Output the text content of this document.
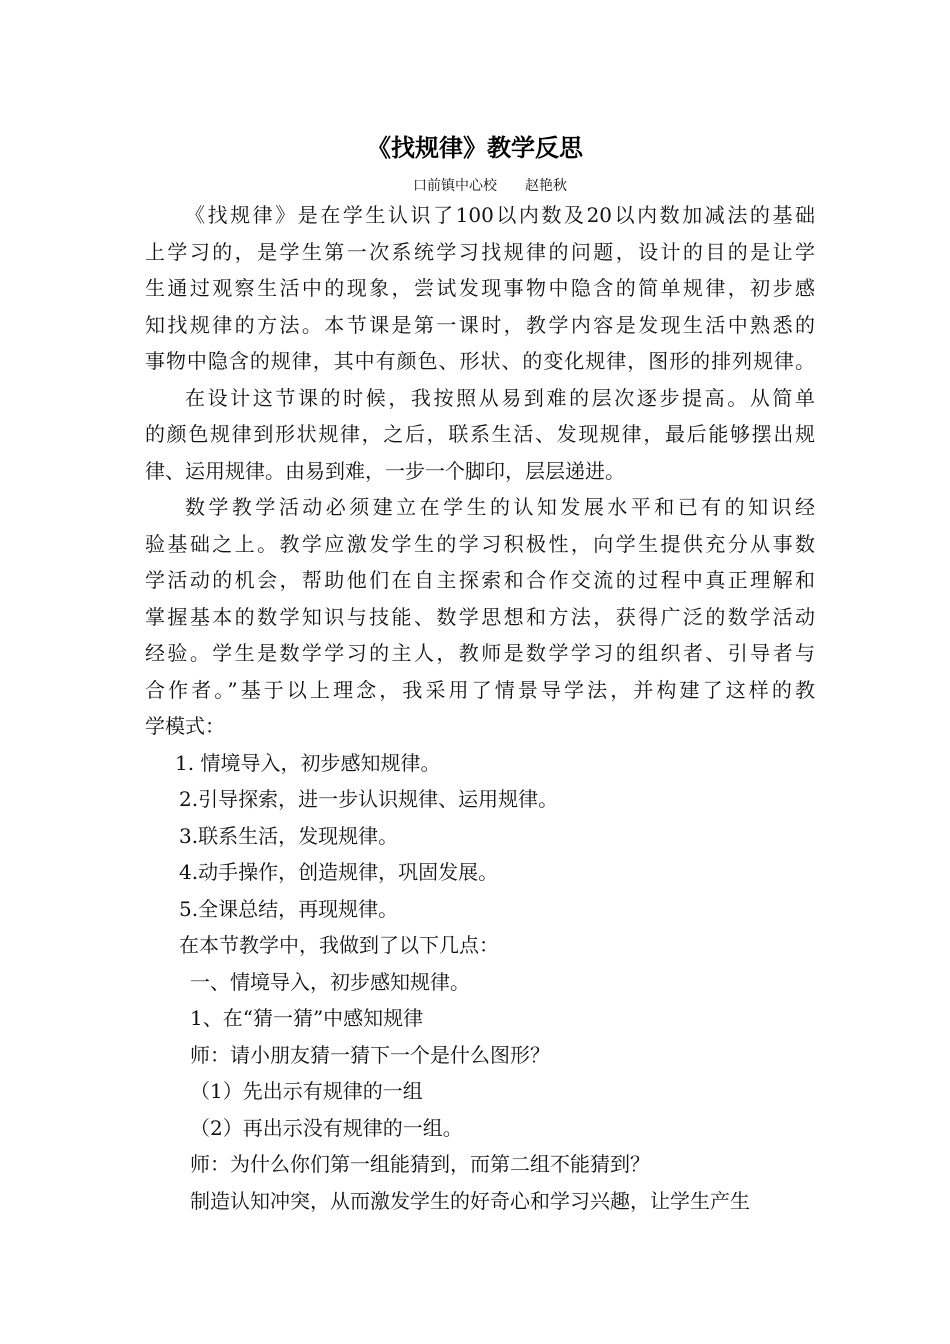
《找规律》教学反思
口前镇中心校　　赵艳秋
《找规律》是在学生认识了100以内数及20以内数加减法的基础
上学习的，是学生第一次系统学习找规律的问题，设计的目的是让学
生通过观察生活中的现象，尝试发现事物中隐含的简单规律，初步感
知找规律的方法。本节课是第一课时，教学内容是发现生活中熟悉的
事物中隐含的规律，其中有颜色、形状、的变化规律，图形的排列规律。
在设计这节课的时候，我按照从易到难的层次逐步提高。从简单
的颜色规律到形状规律，之后，联系生活、发现规律，最后能够摆出规
律、运用规律。由易到难，一步一个脚印，层层递进。
数学教学活动必须建立在学生的认知发展水平和已有的知识经
验基础之上。教学应激发学生的学习积极性，向学生提供充分从事数
学活动的机会，帮助他们在自主探索和合作交流的过程中真正理解和
掌握基本的数学知识与技能、数学思想和方法，获得广泛的数学活动
经验。学生是数学学习的主人，教师是数学学习的组织者、引导者与
合作者。”基于以上理念，我采用了情景导学法，并构建了这样的教
学模式：
1. 情境导入，初步感知规律。
2.引导探索，进一步认识规律、运用规律。
3.联系生活，发现规律。
4.动手操作，创造规律，巩固发展。
5.全课总结，再现规律。
在本节教学中，我做到了以下几点：
一、情境导入，初步感知规律。
1、在“猜一猜”中感知规律
师：请小朋友猜一猜下一个是什么图形？
（1）先出示有规律的一组
（2）再出示没有规律的一组。
师：为什么你们第一组能猜到，而第二组不能猜到？
制造认知冲突，从而激发学生的好奇心和学习兴趣，让学生产生
